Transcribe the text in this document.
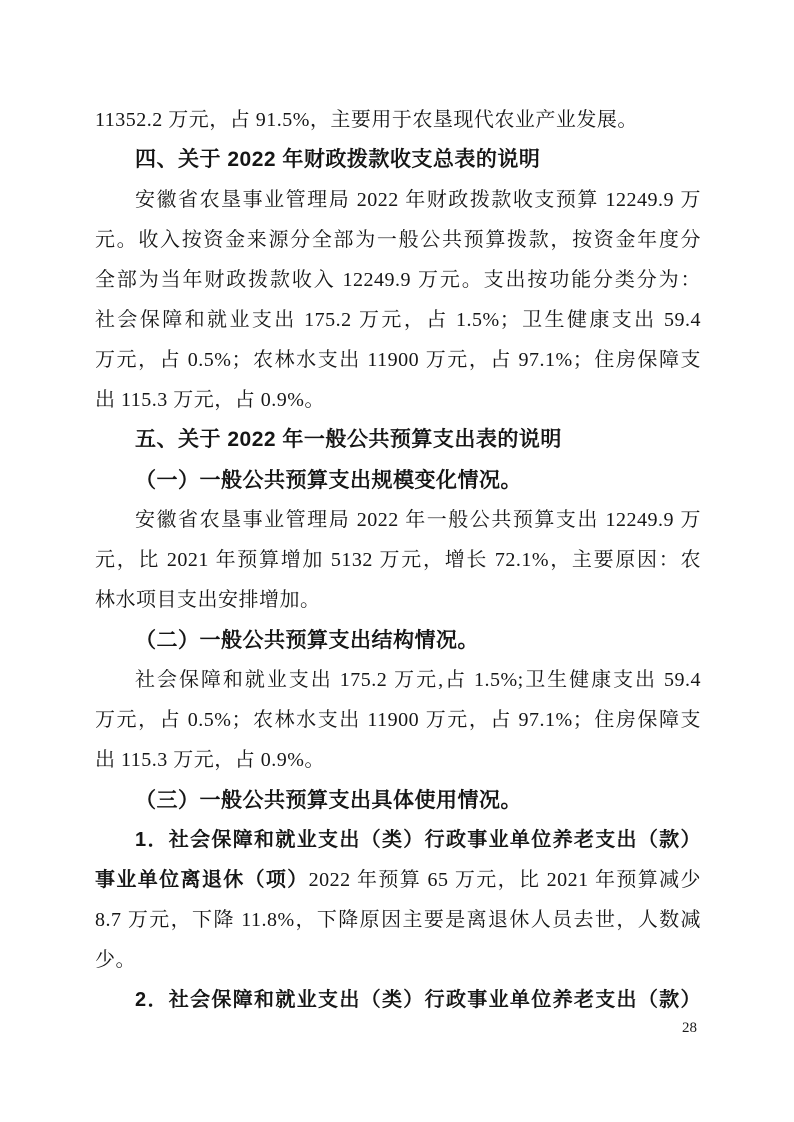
11352.2 万元，占 91.5%，主要用于农垦现代农业产业发展。
四、关于 2022 年财政拨款收支总表的说明
安徽省农垦事业管理局 2022 年财政拨款收支预算 12249.9 万
元。收入按资金来源分全部为一般公共预算拨款，按资金年度分
全部为当年财政拨款收入 12249.9 万元。支出按功能分类分为：
社会保障和就业支出 175.2 万元，占 1.5%；卫生健康支出 59.4
万元，占 0.5%；农林水支出 11900 万元，占 97.1%；住房保障支
出 115.3 万元，占 0.9%。
五、关于 2022 年一般公共预算支出表的说明
（一）一般公共预算支出规模变化情况。
安徽省农垦事业管理局 2022 年一般公共预算支出 12249.9 万
元，比 2021 年预算增加 5132 万元，增长 72.1%，主要原因：农
林水项目支出安排增加。
（二）一般公共预算支出结构情况。
社会保障和就业支出 175.2 万元,占 1.5%;卫生健康支出 59.4
万元，占 0.5%；农林水支出 11900 万元，占 97.1%；住房保障支
出 115.3 万元，占 0.9%。
（三）一般公共预算支出具体使用情况。
1．社会保障和就业支出（类）行政事业单位养老支出（款）
事业单位离退休（项）2022 年预算 65 万元，比 2021 年预算减少
8.7 万元，下降 11.8%，下降原因主要是离退休人员去世，人数减
少。
2．社会保障和就业支出（类）行政事业单位养老支出（款）
28
